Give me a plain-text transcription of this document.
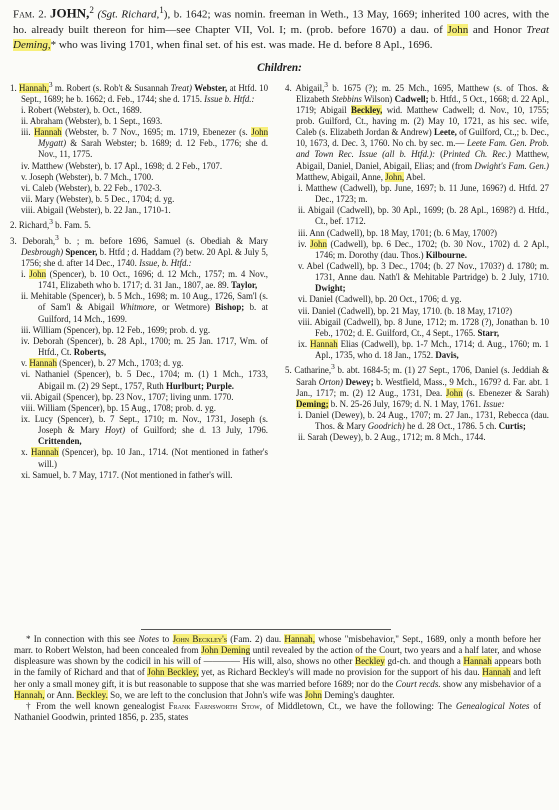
Fam. 2. JOHN,$^2$ (Sgt. Richard,$^1$), b. 1642; was nomin. freeman in Weth., 13 May, 1669; inherited 100 acres, with the ho. already built thereon for him—see Chapter VII, Vol. I; m. (prob. before 1670) a dau. of John and Honor Treat Deming,* who was living 1701, when final set. of his est. was made. He d. before 8 Apl., 1696.

Children:

1. Hannah,$^3$ m. Robert (s. Rob't & Susannah Treat) Webster, at Htfd. 10 Sept., 1689; he b. 1662; d. Feb., 1744; she d. 1715. Issue b. Htfd.:

i. Robert (Webster), b. Oct., 1689.

ii. Abraham (Webster), b. 1 Sept., 1693.

iii. Hannah (Webster, b. 7 Nov., 1695; m. 1719, Ebenezer (s. John Mygatt) & Sarah Webster; b. 1689; d. 12 Feb., 1776; she d. Nov., 11, 1775.

iv. Matthew (Webster), b. 17 Apl., 1698; d. 2 Feb., 1707.

v. Joseph (Webster), b. 7 Mch., 1700.

vi. Caleb (Webster), b. 22 Feb., 1702-3.

vii. Mary (Webster), b. 5 Dec., 1704; d. yg.

viii. Abigail (Webster), b. 22 Jan., 1710-1.

2. Richard,$^3$ b. Fam. 5.

3. Deborah,$^3$ b. ; m. before 1696, Samuel (s. Obediah & Mary Desbrough) Spencer, b. Htfd ; d. Haddam (?) betw. 20 Apl. & July 5, 1756; she d. after 14 Dec., 1740. Issue, b. Htfd.:

i. John (Spencer), b. 10 Oct., 1696; d. 12 Mch., 1757; m. 4 Nov., 1741, Elizabeth who b. 1717; d. 31 Jan., 1807, ae. 89. Taylor,

ii. Mehitable (Spencer), b. 5 Mch., 1698; m. 10 Aug., 1726, Sam'l (s. of Sam'l & Abigail Whitmore, or Wetmore) Bishop; b. at Guilford, 14 Mch., 1699.

iii. William (Spencer), bp. 12 Feb., 1699; prob. d. yg.

iv. Deborah (Spencer), b. 28 Apl., 1700; m. 25 Jan. 1717, Wm. of Htfd., Ct. Roberts,

v. Hannah (Spencer), b. 27 Mch., 1703; d. yg.

vi. Nathaniel (Spencer), b. 5 Dec., 1704; m. (1) 1 Mch., 1733, Abigail m. (2) 29 Sept., 1757, Ruth Hurlburt; Purple.

vii. Abigail (Spencer), bp. 23 Nov., 1707; living unm. 1770.

viii. William (Spencer), bp. 15 Aug., 1708; prob. d. yg.

ix. Lucy (Spencer), b. 7 Sept., 1710; m. Nov., 1731, Joseph (s. Joseph & Mary Hoyt) of Guilford; she d. 13 July, 1796. Crittenden,

x. Hannah (Spencer), bp. 10 Jan., 1714. (Not mentioned in father's will.)

xi. Samuel, b. 7 May, 1717. (Not mentioned in father's will.

4. Abigail,$^3$ b. 1675 (?); m. 25 Mch., 1695, Matthew (s. of Thos. & Elizabeth Stebbins Wilson) Cadwell; b. Htfd., 5 Oct., 1668; d. 22 Apl., 1719; Abigail Beckley, wid. Matthew Cadwell; d. Nov., 10, 1755; prob. Guilford, Ct., having m. (2) May 10, 1721, as his sec. wife, Caleb (s. Elizabeth Jordan & Andrew) Leete, of Guilford, Ct.,; b. Dec., 10, 1673, d. Dec. 3, 1760. No ch. by sec. m.— Leete Fam. Gen. Prob. and Town Rec. Issue (all b. Htfd.): (Printed Ch. Rec.) Matthew, Abigail, Daniel, Daniel, Abigail, Elias; and (from Dwight's Fam. Gen.) Matthew, Abigail, Anne, John, Abel.

i. Matthew (Cadwell), bp. June, 1697; b. 11 June, 1696?) d. Htfd. 27 Dec., 1723; m.

ii. Abigail (Cadwell), bp. 30 Apl., 1699; (b. 28 Apl., 1698?) d. Htfd., Ct., bef. 1712.

iii. Ann (Cadwell), bp. 18 May, 1701; (b. 6 May, 1700?)

iv. John (Cadwell), bp. 6 Dec., 1702; (b. 30 Nov., 1702) d. 2 Apl., 1746; m. Dorothy (dau. Thos.) Kilbourne.

v. Abel (Cadwell), bp. 3 Dec., 1704; (b. 27 Nov., 1703?) d. 1780; m. 1731, Anne dau. Nath'l & Mehitable Partridge) b. 2 July, 1710. Dwight;

vi. Daniel (Cadwell), bp. 20 Oct., 1706; d. yg.

vii. Daniel (Cadwell), bp. 21 May, 1710. (b. 18 May, 1710?)

viii. Abigail (Cadwell), bp. 8 June, 1712; m. 1728 (?), Jonathan b. 10 Feb., 1702; d. E. Guilford, Ct., 4 Sept., 1765. Starr,

ix. Hannah Elias (Cadwell), bp. 1-7 Mch., 1714; d. Aug., 1760; m. 1 Apl., 1735, who d. 18 Jan., 1752. Davis,

5. Catharine,$^3$ b. abt. 1684-5; m. (1) 27 Sept., 1706, Daniel (s. Jeddiah & Sarah Orton) Dewey; b. Westfield, Mass., 9 Mch., 1679? d. Far. abt. 1 Jan., 1717; m. (2) 12 Aug., 1731, Dea. John (s. Ebenezer & Sarah) Deming; b. N. 25-26 July, 1679; d. N. 1 May, 1761. Issue:

i. Daniel (Dewey), b. 24 Aug., 1707; m. 27 Jan., 1731, Rebecca (dau. Thos. & Mary Goodrich) he d. 28 Oct., 1786. 5 ch. Curtis;

ii. Sarah (Dewey), b. 2 Aug., 1712; m. 8 Mch., 1744.

* In connection with this see Notes to John Beckley's (Fam. 2) dau. Hannah, whose "misbehavior," Sept., 1689, only a month before her marr. to Robert Welston, had been concealed from John Deming until revealed by the action of the Court, two years and a half later, and whose displeasure was shown by the codicil in his will of ———— His will, also, shows no other Beckley gd-ch. and though a Hannah appears both in the family of Richard and that of John Beckley, yet, as Richard Beckley's will made no provision for the support of his dau. Hannah and left her only a small money gift, it is but reasonable to suppose that she was married before 1689; nor do the Court recds. show any misbehavior of a Hannah, or Ann. Beckley. So, we are left to the conclusion that John's wife was John Deming's daughter.

† From the well known genealogist Frank Farnsworth Stow, of Middletown, Ct., we have the following: The Genealogical Notes of Nathaniel Goodwin, printed 1856, p. 235, states
